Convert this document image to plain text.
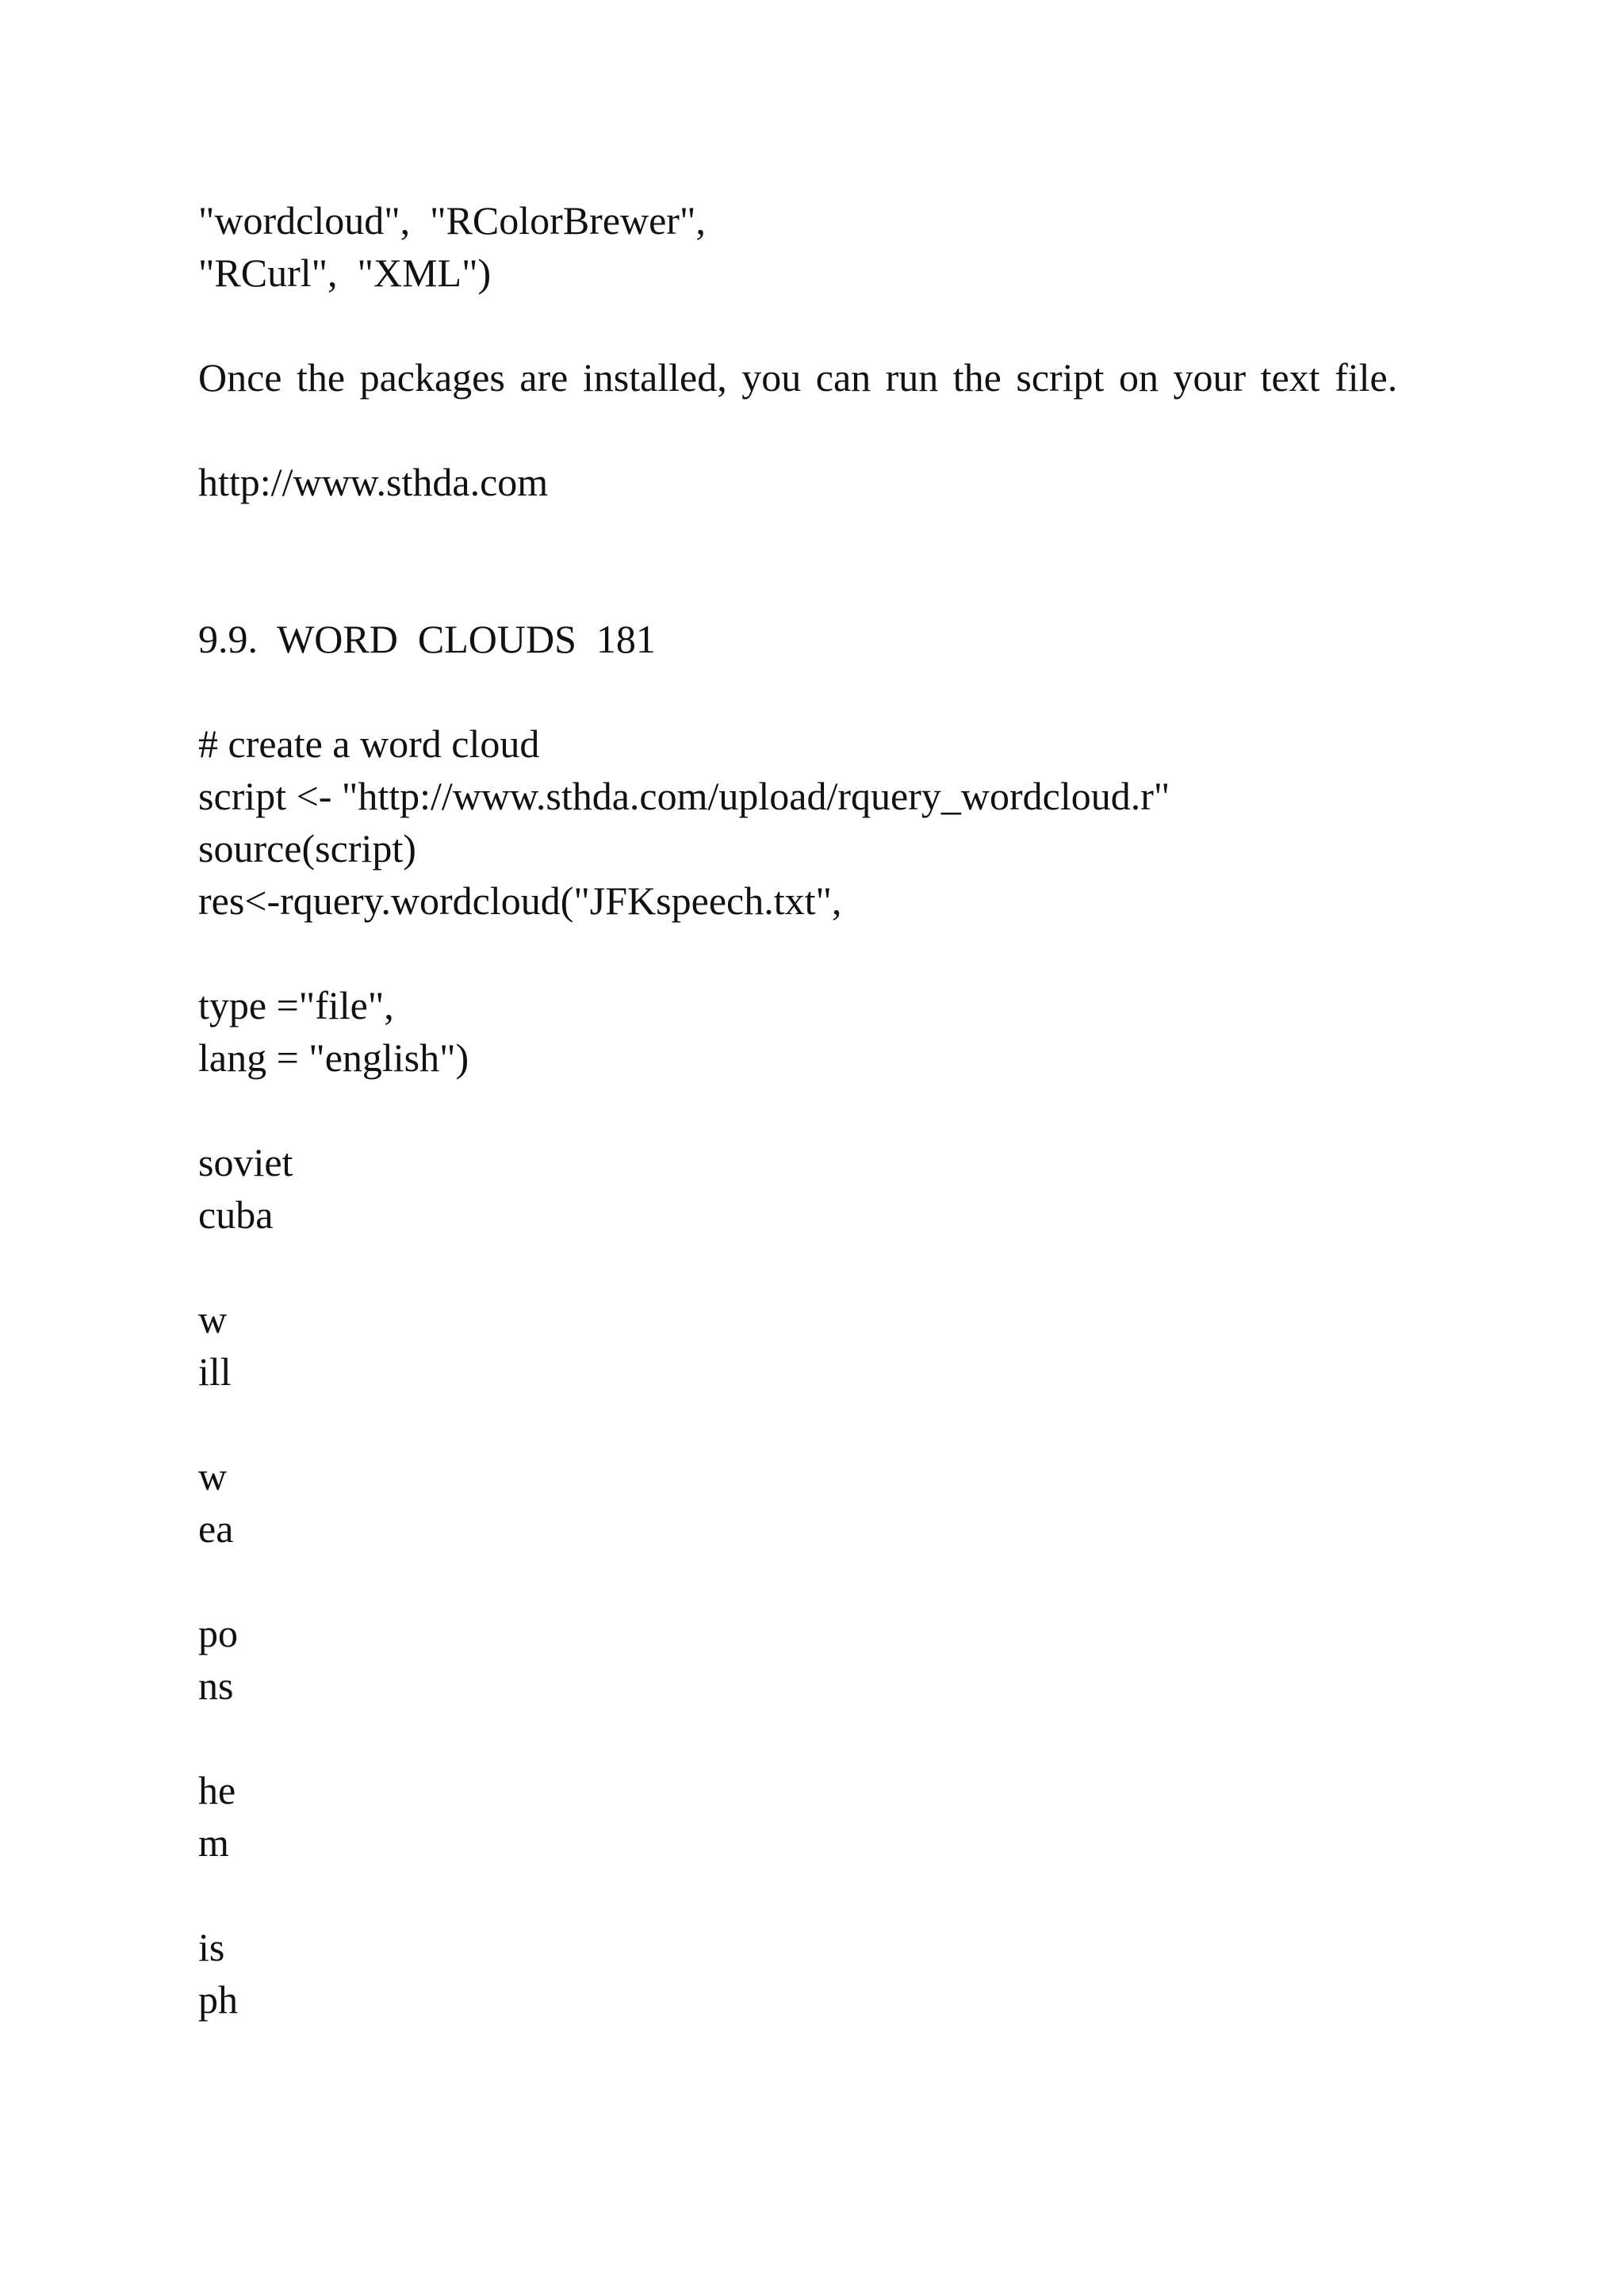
"wordcloud",  "RColorBrewer",
"RCurl",  "XML")
Once the packages are installed, you can run the script on your text file.
http://www.sthda.com
9.9.  WORD  CLOUDS  181
# create a word cloud
script <- "http://www.sthda.com/upload/rquery_wordcloud.r"
source(script)
res<-rquery.wordcloud("JFKspeech.txt",
type ="file",
lang = "english")
soviet
cuba
w
ill
w
ea
po
ns
he
m
is
ph
